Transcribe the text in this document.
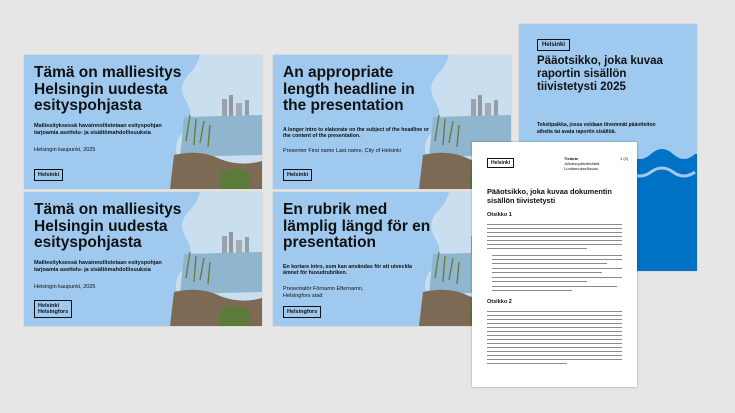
Tämä on malliesitys Helsingin uudesta esityspohjasta
Malliesityksessä havainnollistetaan esityspohjan tarjoamia asettelu- ja sisältömahdollisuuksia
Helsingin kaupunki, 2025
Helsinki
An appropriate length headline in the presentation
A longer intro to elaborate on the subject of the headline or the content of the presentation.
Presenter First name Last name, City of Helsinki
Helsinki
Tämä on malliesitys Helsingin uudesta esityspohjasta
Malliesityksessä havainnollistetaan esityspohjan tarjoamia asettelu- ja sisältömahdollisuuksia
Helsingin kaupunki, 2025
Helsinki
Helsingfors
En rubrik med lämplig längd för en presentation
En kortare intro, som kan användas för att utveckla ämnet för huvudrubriken.
Presentatör Förnamn Efternamn,
Helsingfors stad
Helsingfors
Helsinki
Pääotsikko, joka kuvaa raportin sisällön tiivistetysti 2025
Tekstipaikka, jossa voidaan tiivemmät pääotteiton aiheita tai avata raportin sisältöä.
Helsinki
Tiedote
Julkaisupäivämäärä
Luottamuksellisuus
1 (2)
Pääotsikko, joka kuvaa dokumentin sisällön tiivistetysti
Otsikko 1
Otsikko 2
